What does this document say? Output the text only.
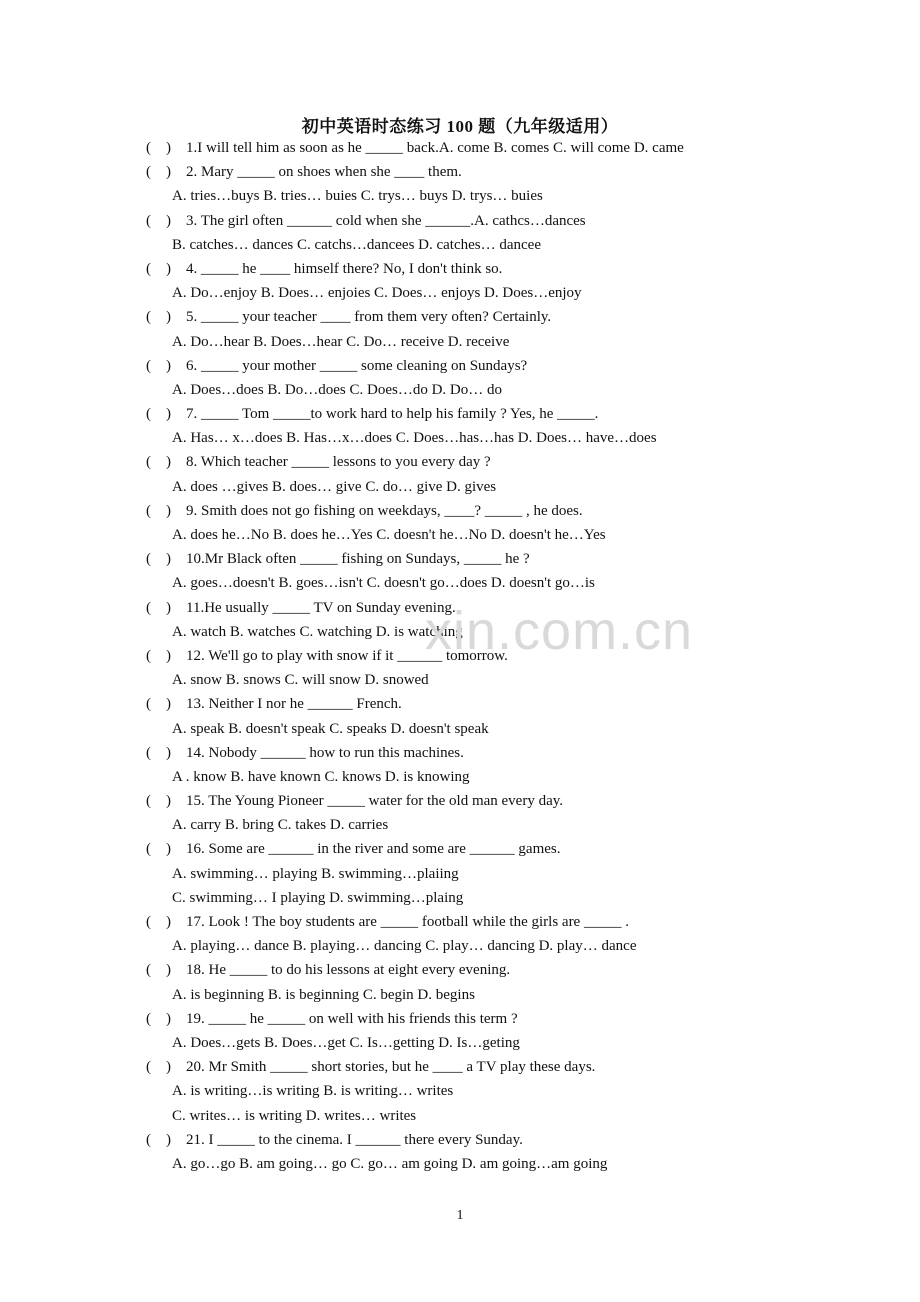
初中英语时态练习 100 题（九年级适用）
(　) 1.I will tell him as soon as he _____ back.A. come B. comes C. will come D. came
(　) 2. Mary _____ on shoes when she ____ them.
A. tries…buys B. tries… buies C. trys… buys D. trys… buies
(　) 3. The girl often ______ cold when she ______.A. cathcs…dances
B. catches… dances C. catchs…dancees D. catches… dancee
(　) 4. _____ he ____ himself there? No, I don't think so.
A. Do…enjoy B. Does… enjoies C. Does… enjoys D. Does…enjoy
(　) 5. _____ your teacher ____ from them very often? Certainly.
A. Do…hear B. Does…hear C. Do… receive D. receive
(　) 6. _____ your mother _____ some cleaning on Sundays?
A. Does…does B. Do…does C. Does…do D. Do… do
(　) 7. _____ Tom _____to work hard to help his family ? Yes, he _____.
A. Has… x…does B. Has…x…does C. Does…has…has D. Does… have…does
(　) 8. Which teacher _____ lessons to you every day ?
A. does …gives B. does… give C. do… give D. gives
(　) 9. Smith does not go fishing on weekdays, ____? _____ , he does.
A. does he…No B. does he…Yes C. doesn't he…No D. doesn't he…Yes
(　) 10.Mr Black often _____ fishing on Sundays, _____ he ?
A. goes…doesn't B. goes…isn't C. doesn't go…does D. doesn't go…is
(　) 11.He usually _____ TV on Sunday evening.
A. watch B. watches C. watching D. is watching
(　) 12. We'll go to play with snow if it ______ tomorrow.
A. snow B. snows C. will snow D. snowed
(　) 13. Neither I nor he ______ French.
A. speak B. doesn't speak C. speaks D. doesn't speak
(　) 14. Nobody ______ how to run this machines.
A . know B. have known C. knows D. is knowing
(　) 15. The Young Pioneer _____ water for the old man every day.
A. carry B. bring C. takes D. carries
(　) 16. Some are ______ in the river and some are ______ games.
A. swimming… playing B. swimming…plaiing
C. swimming… I playing D. swimming…plaing
(　) 17. Look ! The boy students are _____ football while the girls are _____ .
A. playing… dance B. playing… dancing C. play… dancing D. play… dance
(　) 18. He _____ to do his lessons at eight every evening.
A. is beginning B. is beginning C. begin D. begins
(　) 19. _____ he _____ on well with his friends this term ?
A. Does…gets B. Does…get C. Is…getting D. Is…geting
(　) 20. Mr Smith _____ short stories, but he ____ a TV play these days.
A. is writing…is writing B. is writing… writes
C. writes… is writing D. writes… writes
(　) 21. I _____ to the cinema. I ______ there every Sunday.
A. go…go B. am going… go C. go… am going D. am going…am going
xin.com.cn
1
